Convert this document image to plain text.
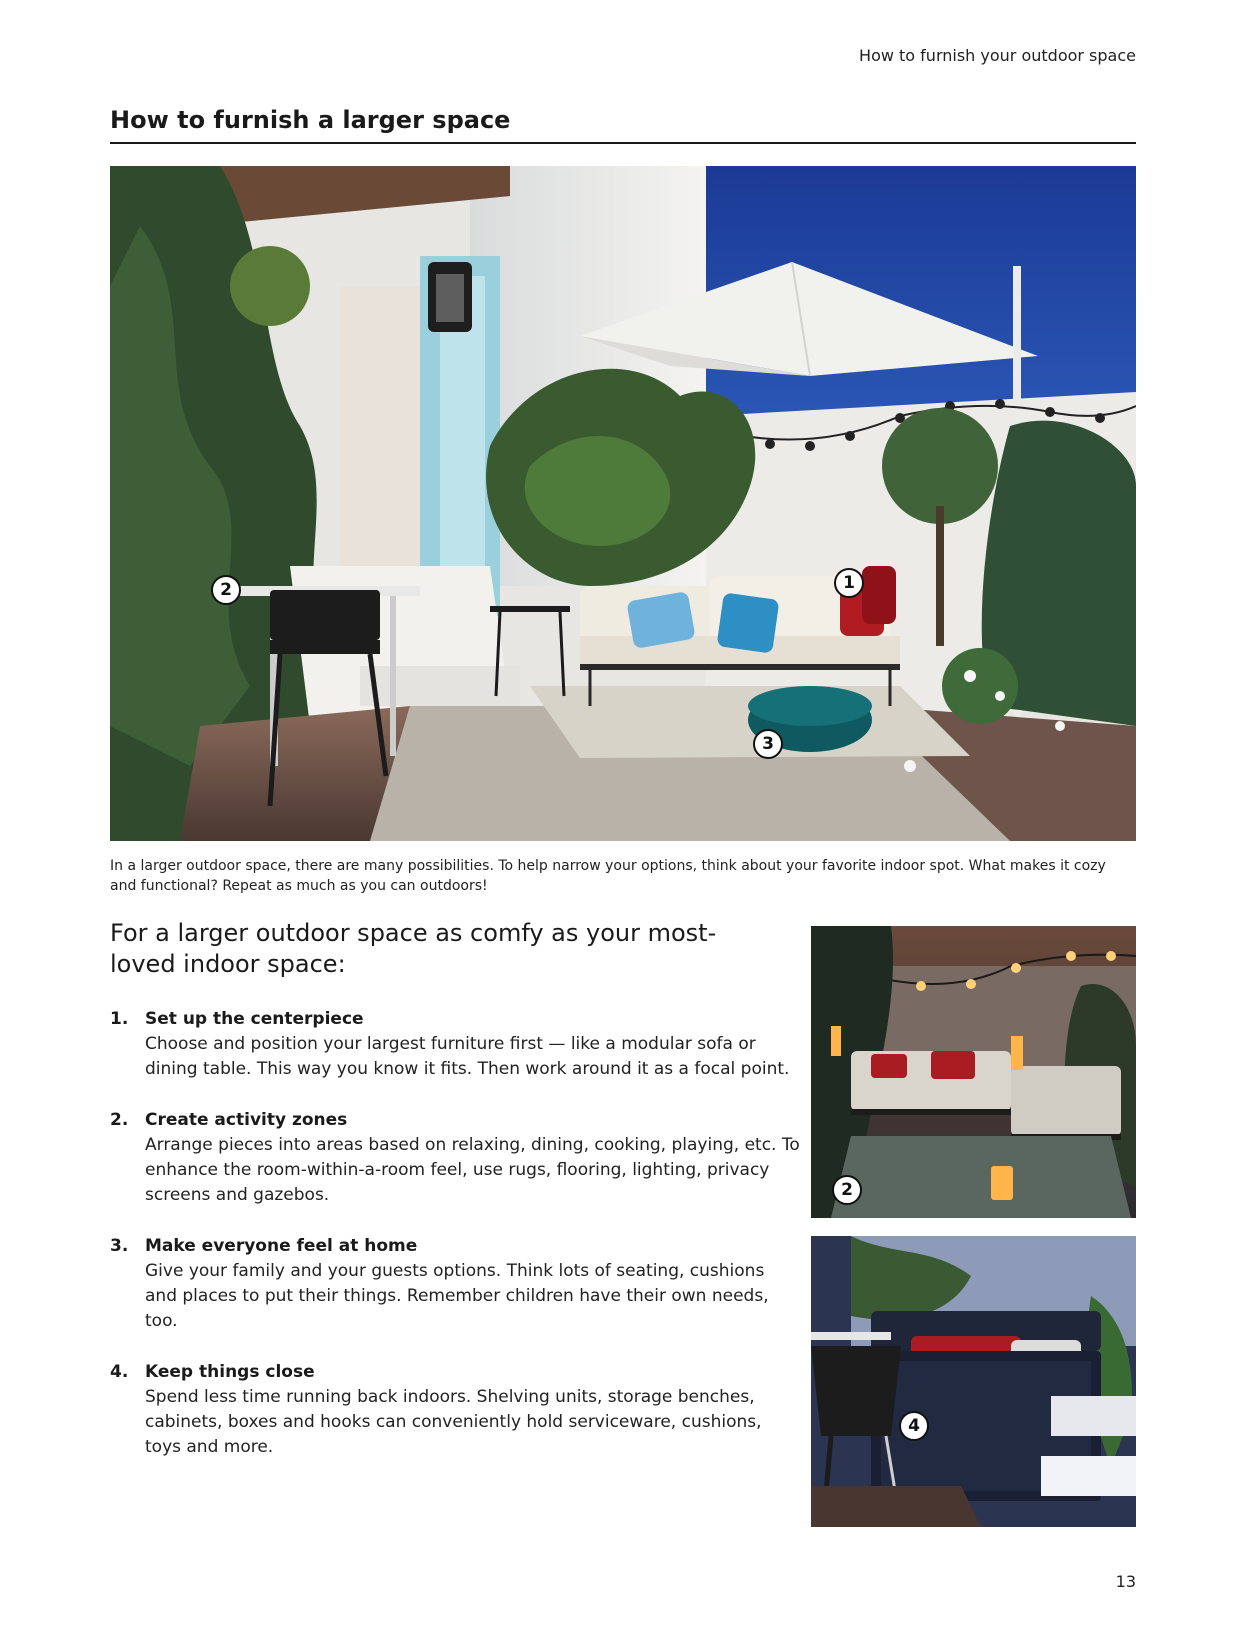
How to furnish your outdoor space
How to furnish a larger space
1
2
3

In a larger outdoor space, there are many possibilities. To help narrow your options, think about your favorite indoor spot. What makes it cozy and functional? Repeat as much as you can outdoors!

For a larger outdoor space as comfy as your most-loved indoor space:

1. Set up the centerpiece
Choose and position your largest furniture first — like a modular sofa or dining table. This way you know it fits. Then work around it as a focal point.
2. Create activity zones
Arrange pieces into areas based on relaxing, dining, cooking, playing, etc. To enhance the room-within-a-room feel, use rugs, flooring, lighting, privacy screens and gazebos.
3. Make everyone feel at home
Give your family and your guests options. Think lots of seating, cushions and places to put their things. Remember children have their own needs, too.
4. Keep things close
Spend less time running back indoors. Shelving units, storage benches, cabinets, boxes and hooks can conveniently hold serviceware, cushions, toys and more.
2
4
13
